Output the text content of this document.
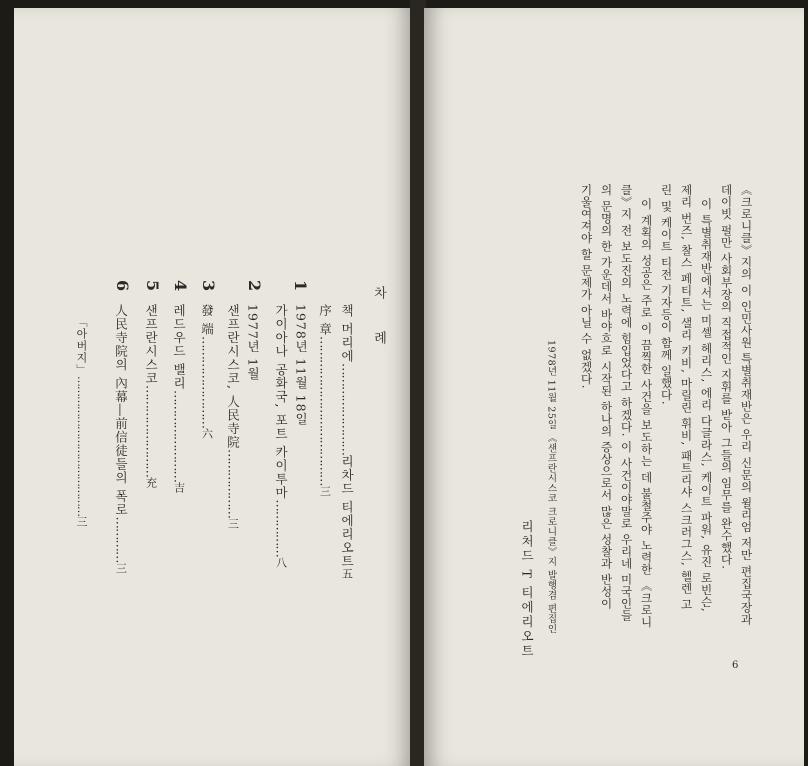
차 례
책 머리에……………………리차드 티에리오트五
序 章…………………………………三
1
1978년 11월 18일
가이아나 공화국, 포트 카이투마……………八
2
1977년 1월
샌프란시스코, 人民寺院………………三
3
發 端……………………六
4
레드우드 밸리……………………吉
5
샌프란시스코……………………充
6
人民寺院의 內幕―前信徒들의 폭로…………三
「아버지」……………………………………三	《크로니클》지의 이 인민사원 특별취재반은 우리 신문의 윌리엄 저만 편집국장과
데이빗 펄만 사회부장의 직접적인 지휘를 받아 그들의 임무를 완수했다.
이 특별취재반에서는 미셸 헤리스, 에리 다글라스, 케이트 파워, 유진 로빈슨,
제리 번즈, 찰스 페티트, 샐리 키비, 마릴린 휘비, 패트리샤 스크러그스, 헬렌 고
린 및 케이트 티전 기자등이 함께 일했다.
이 계획의 성공은 주로 이 끔찍한 사건을 보도하는 데 불철주야 노력한 《크로니
클》지 전 보도진의 노력에 힘입었다고 하겠다. 이 사건이야말로 우리네 미국인들
의 문명의 한 가운데서 바야흐로 시작된 하나의 증상으로서 많은 성찰과 반성이
기울여져야 할 문제가 아닐 수 없겠다.
1978년 11월 25일 《샌프란시스코 크로니클》지 발행겸 편집인
리처드 T 티에리오트
6
